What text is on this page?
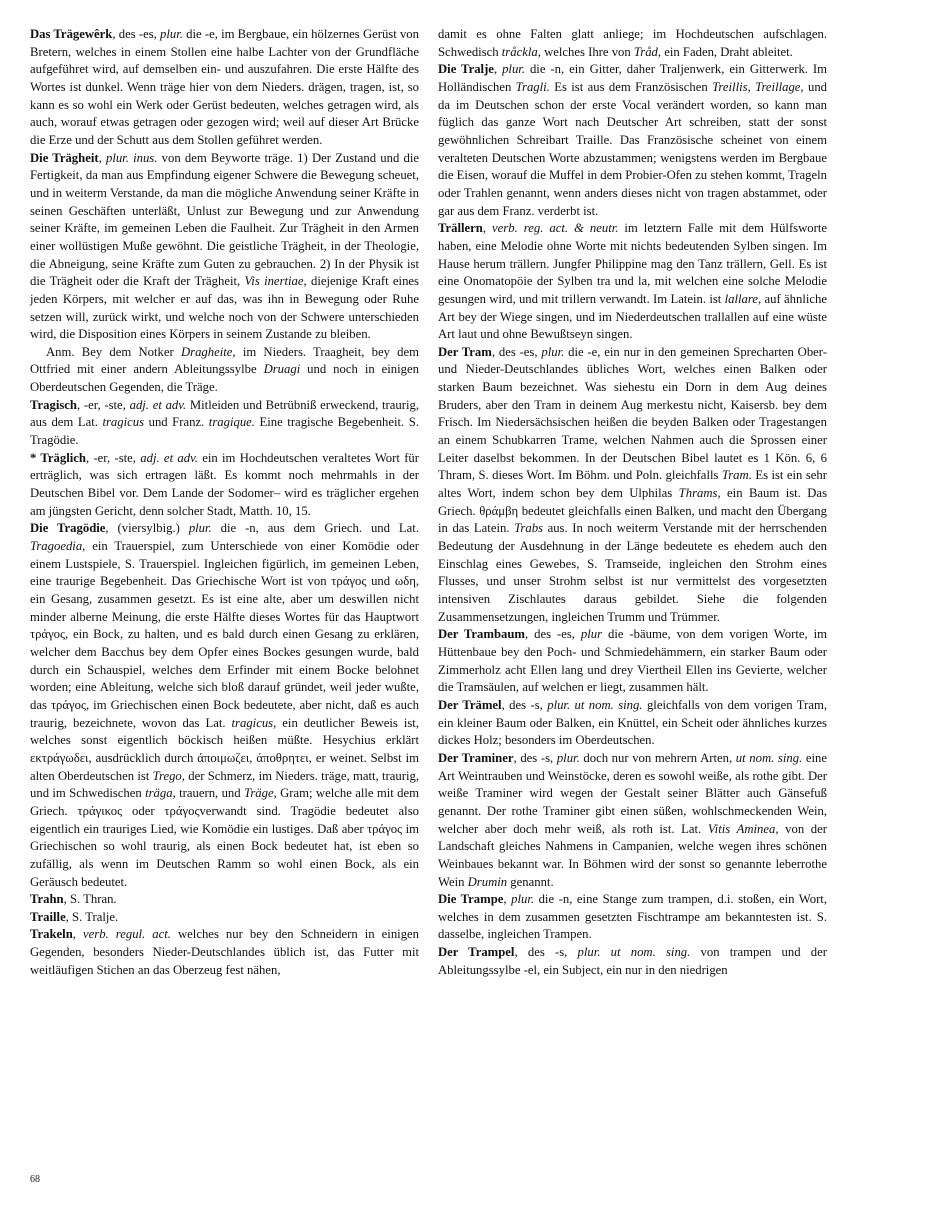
Das Trägewêrk, des -es, plur. die -e, im Bergbaue, ein hölzernes Gerüst von Bretern, welches in einem Stollen eine halbe Lachter von der Grundfläche aufgeführet wird, auf demselben ein- und auszufahren. Die erste Hälfte des Wortes ist dunkel. Wenn träge hier von dem Nieders. drägen, tragen, ist, so kann es so wohl ein Werk oder Gerüst bedeuten, welches getragen wird, als auch, worauf etwas getragen oder gezogen wird; weil auf dieser Art Brücke die Erze und der Schutt aus dem Stollen geführet werden.

Die Trägheit, plur. inus. von dem Beyworte träge. 1) Der Zustand und die Fertigkeit, da man aus Empfindung eigener Schwere die Bewegung scheuet, und in weiterm Verstande, da man die mögliche Anwendung seiner Kräfte in seinen Geschäften unterläßt, Unlust zur Bewegung und zur Anwendung seiner Kräfte, im gemeinen Leben die Faulheit. Zur Trägheit in den Armen einer wollüstigen Muße gewöhnt. Die geistliche Trägheit, in der Theologie, die Abneigung, seine Kräfte zum Guten zu gebrauchen. 2) In der Physik ist die Trägheit oder die Kraft der Trägheit, Vis inertiae, diejenige Kraft eines jeden Körpers, mit welcher er auf das, was ihn in Bewegung oder Ruhe setzen will, zurück wirkt, und welche noch von der Schwere unterschieden wird, die Disposition eines Körpers in seinem Zustande zu bleiben.

Anm. Bey dem Notker Dragheite, im Nieders. Traagheit, bey dem Ottfried mit einer andern Ableitungssylbe Druagi und noch in einigen Oberdeutschen Gegenden, die Träge.

Tragisch, -er, -ste, adj. et adv. Mitleiden und Betrübniß erweckend, traurig, aus dem Lat. tragicus und Franz. tragique. Eine tragische Begebenheit. S. Tragödie.

* Träglich, -er, -ste, adj. et adv. ein im Hochdeutschen veraltetes Wort für erträglich, was sich ertragen läßt. Es kommt noch mehrmahls in der Deutschen Bibel vor. Dem Lande der Sodomer– wird es träglicher ergehen am jüngsten Gericht, denn solcher Stadt, Matth. 10, 15.

Die Tragödie, (viersylbig.) plur. die -n, aus dem Griech. und Lat. Tragoedia, ein Trauerspiel, zum Unterschiede von einer Komödie oder einem Lustspiele, S. Trauerspiel. Ingleichen figürlich, im gemeinen Leben, eine traurige Begebenheit. Das Griechische Wort ist von τράγος und ωδη, ein Gesang, zusammen gesetzt. Es ist eine alte, aber um deswillen nicht minder alberne Meinung, die erste Hälfte dieses Wortes für das Hauptwort τράγος, ein Bock, zu halten, und es bald durch einen Gesang zu erklären, welcher dem Bacchus bey dem Opfer eines Bockes gesungen wurde, bald durch ein Schauspiel, welches dem Erfinder mit einem Bocke belohnet worden; eine Ableitung, welche sich bloß darauf gründet, weil jeder wußte, das τράγος, im Griechischen einen Bock bedeutete, aber nicht, daß es auch traurig, bezeichnete, wovon das Lat. tragicus, ein deutlicher Beweis ist, welches sonst eigentlich böckisch heißen müßte. Hesychius erklärt εκτράγωδει, ausdrücklich durch άποιμωζει, άποθρητει, er weinet. Selbst im alten Oberdeutschen ist Trego, der Schmerz, im Nieders. träge, matt, traurig, und im Schwedischen träga, trauern, und Träge, Gram; welche alle mit dem Griech. τράγικος oder τράγοςverwandt sind. Tragödie bedeutet also eigentlich ein trauriges Lied, wie Komödie ein lustiges. Daß aber τράγος im Griechischen so wohl traurig, als einen Bock bedeutet hat, ist eben so zufällig, als wenn im Deutschen Ramm so wohl einen Bock, als ein Geräusch bedeutet.

Trahn, S. Thran.

Traille, S. Tralje.

Trakeln, verb. regul. act. welches nur bey den Schneidern in einigen Gegenden, besonders Nieder-Deutschlandes üblich ist, das Futter mit weitläufigen Stichen an das Oberzeug fest nähen,

damit es ohne Falten glatt anliege; im Hochdeutschen aufschlagen. Schwedisch tråckla, welches Ihre von Tråd, ein Faden, Draht ableitet.

Die Tralje, plur. die -n, ein Gitter, daher Traljenwerk, ein Gitterwerk. Im Holländischen Tragli. Es ist aus dem Französischen Treillis, Treillage, und da im Deutschen schon der erste Vocal verändert worden, so kann man füglich das ganze Wort nach Deutscher Art schreiben, statt der sonst gewöhnlichen Schreibart Traille. Das Französische scheinet von einem veralteten Deutschen Worte abzustammen; wenigstens werden im Bergbaue die Eisen, worauf die Muffel in dem Probier-Ofen zu stehen kommt, Trageln oder Trahlen genannt, wenn anders dieses nicht von tragen abstammet, oder gar aus dem Franz. verderbt ist.

Trällern, verb. reg. act. & neutr. im letztern Falle mit dem Hülfsworte haben, eine Melodie ohne Worte mit nichts bedeutenden Sylben singen. Im Hause herum trällern. Jungfer Philippine mag den Tanz trällern, Gell. Es ist eine Onomatopöie der Sylben tra und la, mit welchen eine solche Melodie gesungen wird, und mit trillern verwandt. Im Latein. ist lallare, auf ähnliche Art bey der Wiege singen, und im Niederdeutschen trallallen auf eine wüste Art laut und ohne Bewußtseyn singen.

Der Tram, des -es, plur. die -e, ein nur in den gemeinen Sprecharten Ober- und Nieder-Deutschlandes übliches Wort, welches einen Balken oder starken Baum bezeichnet. Was siehestu ein Dorn in dem Aug deines Bruders, aber den Tram in deinem Aug merkestu nicht, Kaisersb. bey dem Frisch. Im Niedersächsischen heißen die beyden Balken oder Tragestangen an einem Schubkarren Trame, welchen Nahmen auch die Sprossen einer Leiter daselbst bekommen. In der Deutschen Bibel lautet es 1 Kön. 6, 6 Thram, S. dieses Wort. Im Böhm. und Poln. gleichfalls Tram. Es ist ein sehr altes Wort, indem schon bey dem Ulphilas Thrams, ein Baum ist. Das Griech. θράμβη bedeutet gleichfalls einen Balken, und macht den Übergang in das Latein. Trabs aus. In noch weiterm Verstande mit der herrschenden Bedeutung der Ausdehnung in der Länge bedeutete es ehedem auch den Einschlag eines Gewebes, S. Tramseide, ingleichen den Strohm eines Flusses, und unser Strohm selbst ist nur vermittelst des vorgesetzten intensiven Zischlautes daraus gebildet. Siehe die folgenden Zusammensetzungen, ingleichen Trumm und Trümmer.

Der Trambaum, des -es, plur die -bäume, von dem vorigen Worte, im Hüttenbaue bey den Poch- und Schmiedehämmern, ein starker Baum oder Zimmerholz acht Ellen lang und drey Viertheil Ellen ins Gevierte, welcher die Tramsäulen, auf welchen er liegt, zusammen hält.

Der Trämel, des -s, plur. ut nom. sing. gleichfalls von dem vorigen Tram, ein kleiner Baum oder Balken, ein Knüttel, ein Scheit oder ähnliches kurzes dickes Holz; besonders im Oberdeutschen.

Der Traminer, des -s, plur. doch nur von mehrern Arten, ut nom. sing. eine Art Weintrauben und Weinstöcke, deren es sowohl weiße, als rothe gibt. Der weiße Traminer wird wegen der Gestalt seiner Blätter auch Gänsefuß genannt. Der rothe Traminer gibt einen süßen, wohlschmeckenden Wein, welcher aber doch mehr weiß, als roth ist. Lat. Vitis Aminea, von der Landschaft gleiches Nahmens in Campanien, welche wegen ihres schönen Weinbaues bekannt war. In Böhmen wird der sonst so genannte leberrothe Wein Drumin genannt.

Die Trampe, plur. die -n, eine Stange zum trampen, d.i. stoßen, ein Wort, welches in dem zusammen gesetzten Fischtrampe am bekanntesten ist. S. dasselbe, ingleichen Trampen.

Der Trampel, des -s, plur. ut nom. sing. von trampen und der Ableitungssylbe -el, ein Subject, ein nur in den niedrigen

68
